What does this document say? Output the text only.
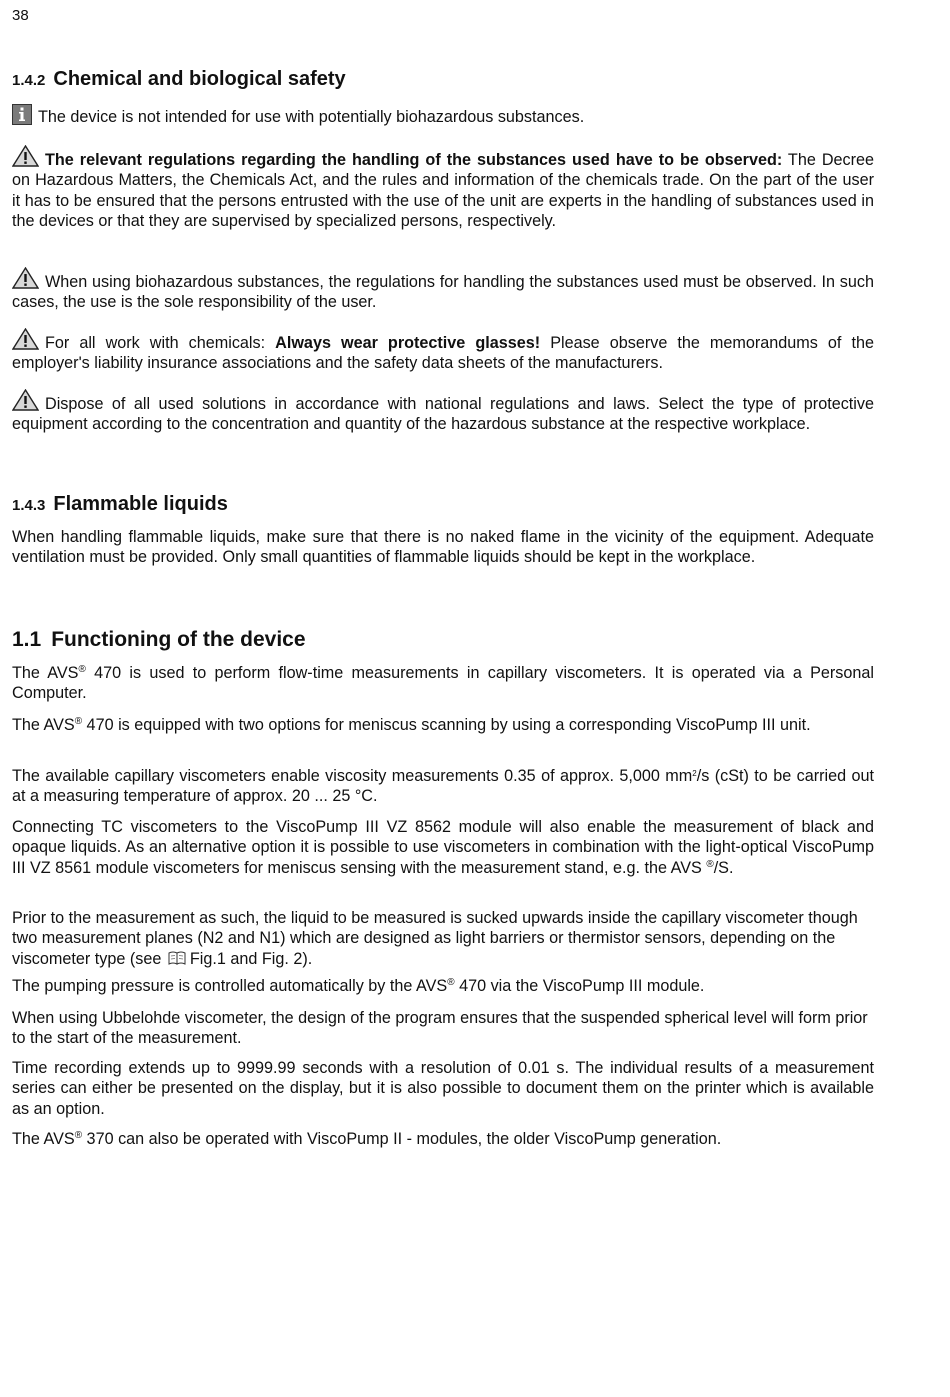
38
1.4.2 Chemical and biological safety

The device is not intended for use with potentially biohazardous substances.

The relevant regulations regarding the handling of the substances used have to be observed: The Decree on Hazardous Matters, the Chemicals Act, and the rules and information of the chemicals trade. On the part of the user it has to be ensured that the persons entrusted with the use of the unit are experts in the handling of substances used in the devices or that they are supervised by specialized persons, respectively.

When using biohazardous substances, the regulations for handling the substances used must be observed. In such cases, the use is the sole responsibility of the user.

For all work with chemicals: Always wear protective glasses! Please observe the memorandums of the employer's liability insurance associations and the safety data sheets of the manufacturers.

Dispose of all used solutions in accordance with national regulations and laws. Select the type of protective equipment according to the concentration and quantity of the hazardous substance at the respective workplace.

1.4.3 Flammable liquids

When handling flammable liquids, make sure that there is no naked flame in the vicinity of the equipment. Adequate ventilation must be provided. Only small quantities of flammable liquids should be kept in the workplace.

1.1 Functioning of the device

The AVS® 470 is used to perform flow-time measurements in capillary viscometers. It is operated via a Personal Computer.

The AVS® 470 is equipped with two options for meniscus scanning by using a corresponding ViscoPump III unit.

The available capillary viscometers enable viscosity measurements 0.35 of approx. 5,000 $mm^2/s$ (cSt) to be carried out at a measuring temperature of approx. 20 ... 25 °C.

Connecting TC viscometers to the ViscoPump III VZ 8562 module will also enable the measurement of black and opaque liquids. As an alternative option it is possible to use viscometers in combination with the light-optical ViscoPump III VZ 8561 module viscometers for meniscus sensing with the measurement stand, e.g. the AVS ®/S.

Prior to the measurement as such, the liquid to be measured is sucked upwards inside the capillary viscometer though two measurement planes (N2 and N1) which are designed as light barriers or thermistor sensors, depending on the viscometer type (see Fig.1 and Fig. 2).

The pumping pressure is controlled automatically by the AVS® 470 via the ViscoPump III module.

When using Ubbelohde viscometer, the design of the program ensures that the suspended spherical level will form prior to the start of the measurement.

Time recording extends up to 9999.99 seconds with a resolution of 0.01 s. The individual results of a measurement series can either be presented on the display, but it is also possible to document them on the printer which is available as an option.

The AVS® 370 can also be operated with ViscoPump II - modules, the older ViscoPump generation.
